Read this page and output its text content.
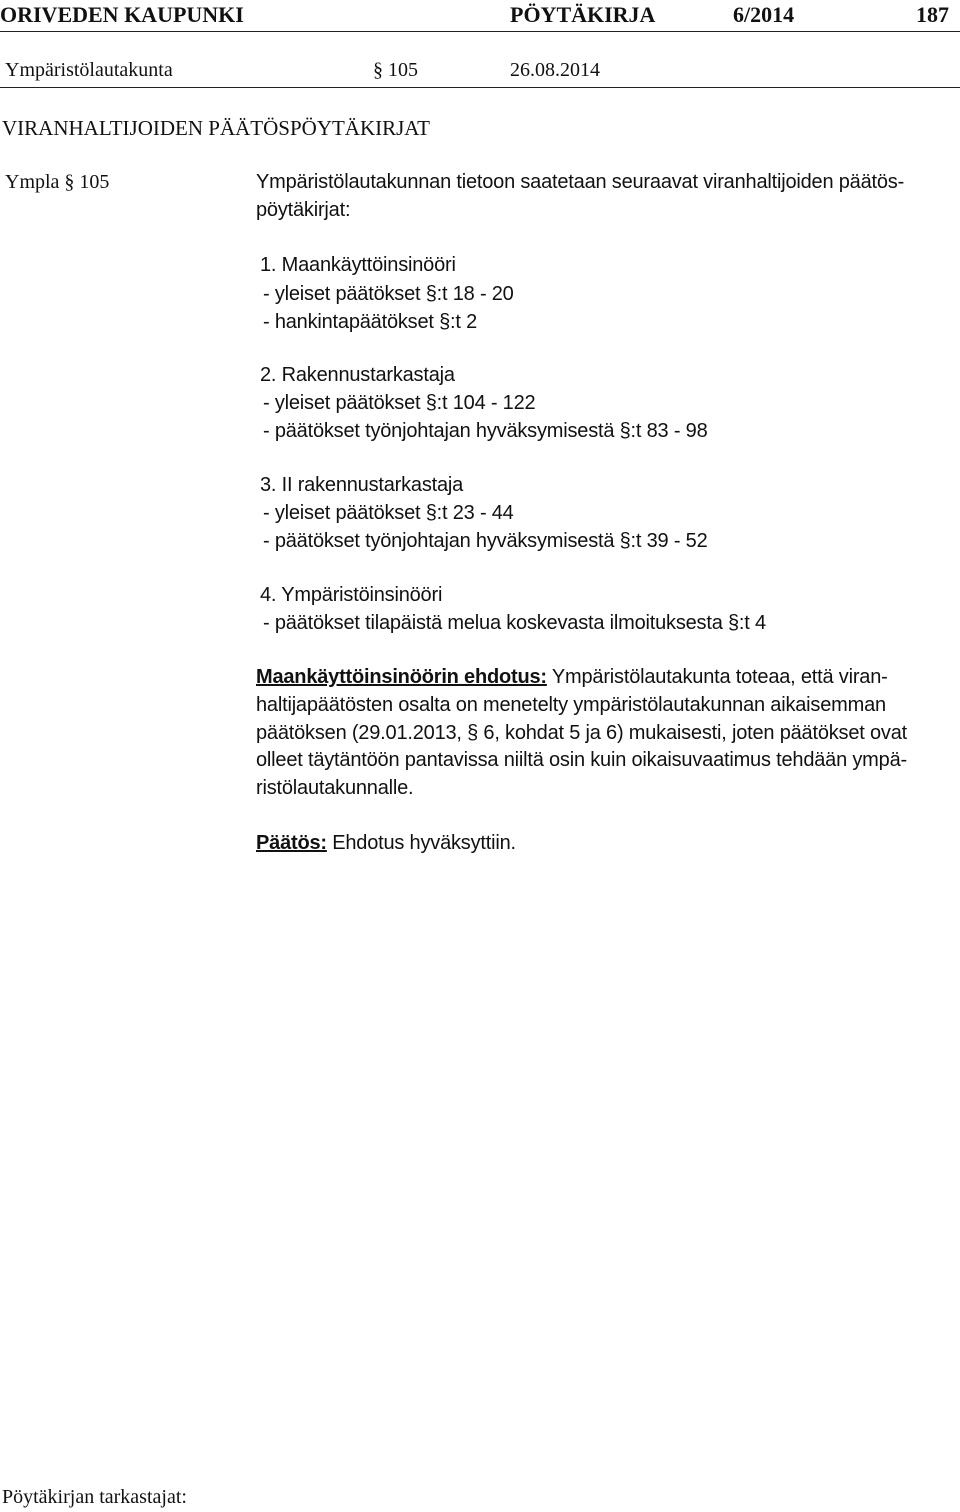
ORIVEDEN KAUPUNKI	PÖYTÄKIRJA	6/2014	187
Ympäristölautakunta	§ 105	26.08.2014
VIRANHALTIJOIDEN PÄÄTÖSPÖYTÄKIRJAT
Ympla § 105	Ympäristölautakunnan tietoon saatetaan seuraavat viranhaltijoiden päätös-
pöytäkirjat:
1. Maankäyttöinsinööri
- yleiset päätökset §:t 18 - 20
- hankintapäätökset §:t 2
2. Rakennustarkastaja
- yleiset päätökset §:t 104 - 122
- päätökset työnjohtajan hyväksymisestä §:t 83 - 98
3. II rakennustarkastaja
- yleiset päätökset §:t 23 - 44
- päätökset työnjohtajan hyväksymisestä §:t 39 - 52
4. Ympäristöinsinööri
- päätökset tilapäistä melua koskevasta ilmoituksesta §:t 4
Maankäyttöinsinöörin ehdotus: Ympäristölautakunta toteaa, että viran-
haltijapäätösten osalta on menetelty ympäristölautakunnan aikaisemman
päätöksen (29.01.2013, § 6, kohdat 5 ja 6) mukaisesti, joten päätökset ovat
olleet täytäntöön pantavissa niiltä osin kuin oikaisuvaatimus tehdään ympä-
ristölautakunnalle.
Päätös: Ehdotus hyväksyttiin.
Pöytäkirjan tarkastajat:
